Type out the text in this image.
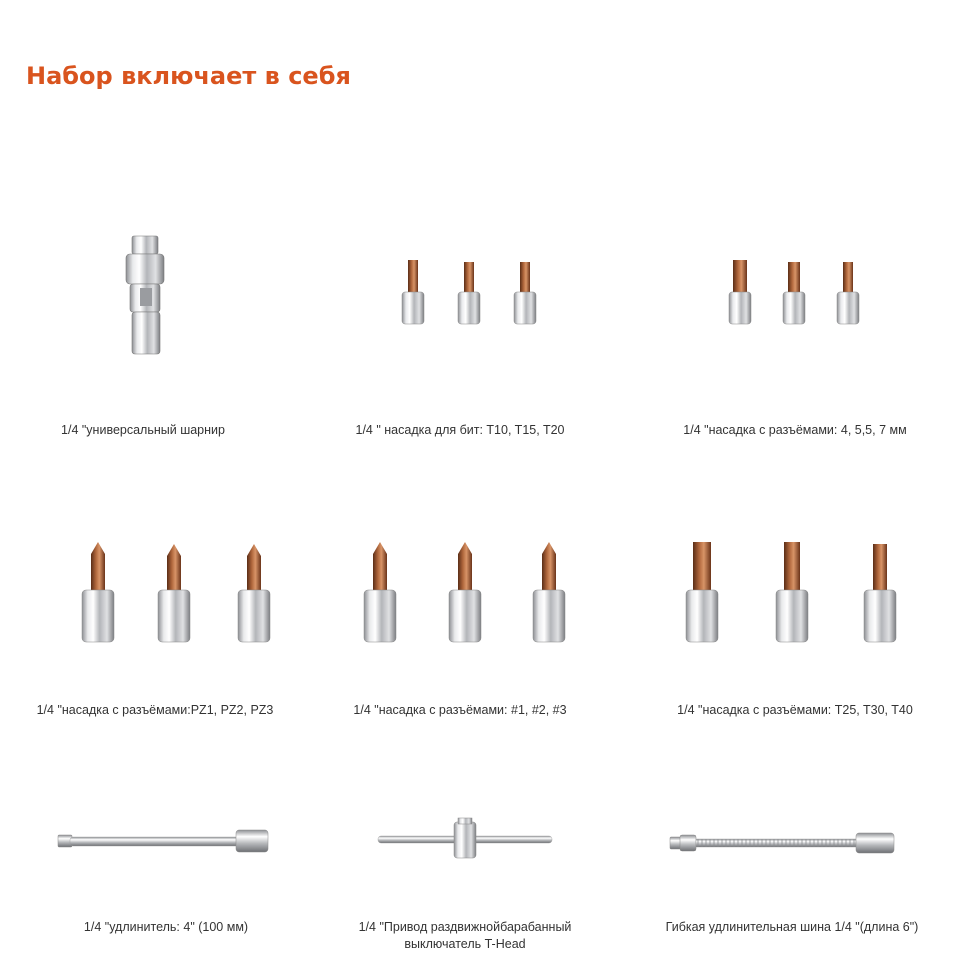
Набор включает в себя
1/4 "универсальный шарнир	1/4 " насадка для бит: T10, T15, T20	1/4 "насадка с разъёмами: 4, 5,5, 7 мм
1/4 "насадка с разъёмами:PZ1, PZ2, PZ3	1/4 "насадка с разъёмами: #1, #2, #3	1/4 "насадка с разъёмами: T25, T30, T40
1/4 "удлинитель: 4" (100 мм)	1/4 "Привод раздвижнойбарабанный
выключатель T-Head
Гибкая удлинительная шина 1/4 "(длина 6")
